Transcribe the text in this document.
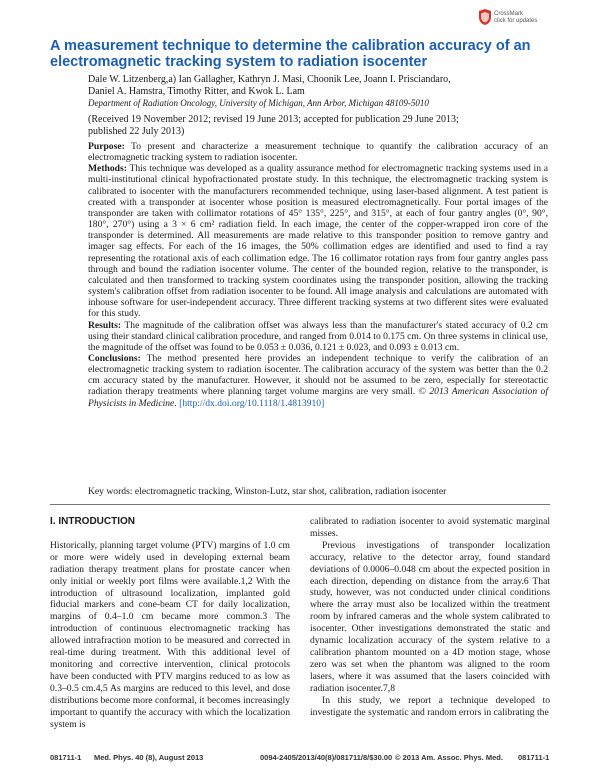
CrossMark
click for updates
A measurement technique to determine the calibration accuracy of an electromagnetic tracking system to radiation isocenter
Dale W. Litzenberg,a) Ian Gallagher, Kathryn J. Masi, Choonik Lee, Joann I. Prisciandaro,
Daniel A. Hamstra, Timothy Ritter, and Kwok L. Lam
Department of Radiation Oncology, University of Michigan, Ann Arbor, Michigan 48109-5010
(Received 19 November 2012; revised 19 June 2013; accepted for publication 29 June 2013; published 22 July 2013)

Purpose: To present and characterize a measurement technique to quantify the calibration accuracy of an electromagnetic tracking system to radiation isocenter.

Methods: This technique was developed as a quality assurance method for electromagnetic tracking systems used in a multi-institutional clinical hypofractionated prostate study. In this technique, the electromagnetic tracking system is calibrated to isocenter with the manufacturers recommended technique, using laser-based alignment. A test patient is created with a transponder at isocenter whose position is measured electromagnetically. Four portal images of the transponder are taken with collimator rotations of 45° 135°, 225°, and 315°, at each of four gantry angles (0°, 90°, 180°, 270°) using a 3 × 6 cm² radiation field. In each image, the center of the copper-wrapped iron core of the transponder is determined. All measurements are made relative to this transponder position to remove gantry and imager sag effects. For each of the 16 images, the 50% collimation edges are identified and used to find a ray representing the rotational axis of each collimation edge. The 16 collimator rotation rays from four gantry angles pass through and bound the radiation isocenter volume. The center of the bounded region, relative to the transponder, is calculated and then transformed to tracking system coordinates using the transponder position, allowing the tracking system's calibration offset from radiation isocenter to be found. All image analysis and calculations are automated with inhouse software for user-independent accuracy. Three different tracking systems at two different sites were evaluated for this study.

Results: The magnitude of the calibration offset was always less than the manufacturer's stated accuracy of 0.2 cm using their standard clinical calibration procedure, and ranged from 0.014 to 0.175 cm. On three systems in clinical use, the magnitude of the offset was found to be 0.053 ± 0.036, 0.121 ± 0.023, and 0.093 ± 0.013 cm.

Conclusions: The method presented here provides an independent technique to verify the calibration of an electromagnetic tracking system to radiation isocenter. The calibration accuracy of the system was better than the 0.2 cm accuracy stated by the manufacturer. However, it should not be assumed to be zero, especially for stereotactic radiation therapy treatments where planning target volume margins are very small. © 2013 American Association of Physicists in Medicine. [http://dx.doi.org/10.1118/1.4813910]

Key words: electromagnetic tracking, Winston-Lutz, star shot, calibration, radiation isocenter
I. INTRODUCTION

Historically, planning target volume (PTV) margins of 1.0 cm or more were widely used in developing external beam radiation therapy treatment plans for prostate cancer when only initial or weekly port films were available.1,2 With the introduction of ultrasound localization, implanted gold fiducial markers and cone-beam CT for daily localization, margins of 0.4–1.0 cm became more common.3 The introduction of continuous electromagnetic tracking has allowed intrafraction motion to be measured and corrected in real-time during treatment. With this additional level of monitoring and corrective intervention, clinical protocols have been conducted with PTV margins reduced to as low as 0.3–0.5 cm.4,5 As margins are reduced to this level, and dose distributions become more conformal, it becomes increasingly important to quantify the accuracy with which the localization system is

calibrated to radiation isocenter to avoid systematic marginal misses.

Previous investigations of transponder localization accuracy, relative to the detector array, found standard deviations of 0.0006–0.048 cm about the expected position in each direction, depending on distance from the array.6 That study, however, was not conducted under clinical conditions where the array must also be localized within the treatment room by infrared cameras and the whole system calibrated to isocenter. Other investigations demonstrated the static and dynamic localization accuracy of the system relative to a calibration phantom mounted on a 4D motion stage, whose zero was set when the phantom was aligned to the room lasers, where it was assumed that the lasers coincided with radiation isocenter.7,8

In this study, we report a technique developed to investigate the systematic and random errors in calibrating the

081711-1 Med. Phys. 40 (8), August 2013	0094-2405/2013/40(8)/081711/8/$30.00 © 2013 Am. Assoc. Phys. Med. 081711-1
